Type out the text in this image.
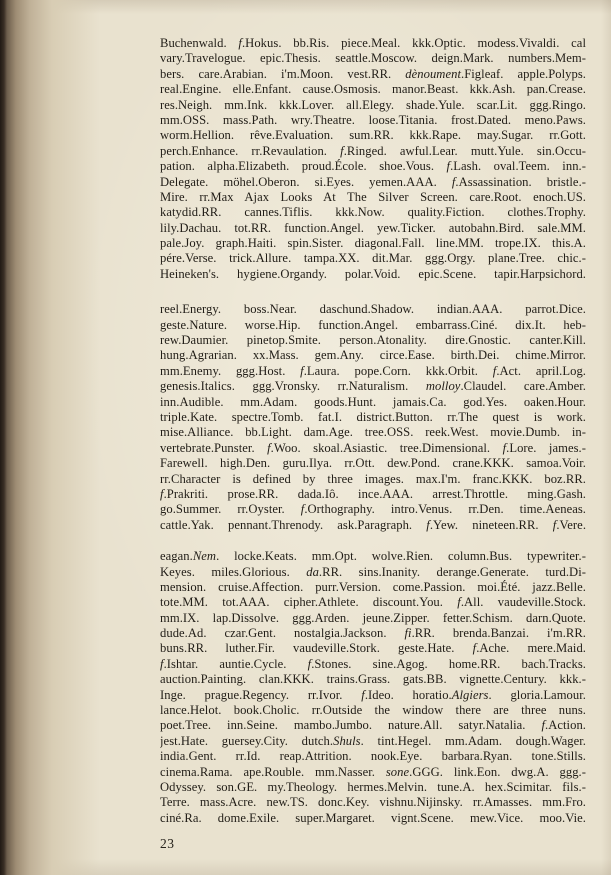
Buchenwald. f.Hokus. bb.Ris. piece.Meal. kkk.Optic. modess.Vivaldi. cal
vary.Travelogue. epic.Thesis. seattle.Moscow. deign.Mark. numbers.Mem-
bers. care.Arabian. i'm.Moon. vest.RR. dènoument.Figleaf. apple.Polyps.
real.Engine. elle.Enfant. cause.Osmosis. manor.Beast. kkk.Ash. pan.Crease.
res.Neigh. mm.Ink. kkk.Lover. all.Elegy. shade.Yule. scar.Lit. ggg.Ringo.
mm.OSS. mass.Path. wry.Theatre. loose.Titania. frost.Dated. meno.Paws.
worm.Hellion. rêve.Evaluation. sum.RR. kkk.Rape. may.Sugar. rr.Gott.
perch.Enhance. rr.Revaulation. f.Ringed. awful.Lear. mutt.Yule. sin.Occu-
pation. alpha.Elizabeth. proud.École. shoe.Vous. f.Lash. oval.Teem. inn.-
Delegate. möhel.Oberon. si.Eyes. yemen.AAA. f.Assassination. bristle.-
Mire. rr.Max Ajax Looks At The Silver Screen. care.Root. enoch.US.
katydid.RR. cannes.Tiflis. kkk.Now. quality.Fiction. clothes.Trophy.
lily.Dachau. tot.RR. function.Angel. yew.Ticker. autobahn.Bird. sale.MM.
pale.Joy. graph.Haiti. spin.Sister. diagonal.Fall. line.MM. trope.IX. this.A.
pére.Verse. trick.Allure. tampa.XX. dit.Mar. ggg.Orgy. plane.Tree. chic.-
Heineken's. hygiene.Organdy. polar.Void. epic.Scene. tapir.Harpsichord.
reel.Energy. boss.Near. daschund.Shadow. indian.AAA. parrot.Dice.
geste.Nature. worse.Hip. function.Angel. embarrass.Ciné. dix.It. heb-
rew.Daumier. pinetop.Smite. person.Atonality. dire.Gnostic. canter.Kill.
hung.Agrarian. xx.Mass. gem.Any. circe.Ease. birth.Dei. chime.Mirror.
mm.Enemy. ggg.Host. f.Laura. pope.Corn. kkk.Orbit. f.Act. april.Log.
genesis.Italics. ggg.Vronsky. rr.Naturalism. molloy.Claudel. care.Amber.
inn.Audible. mm.Adam. goods.Hunt. jamais.Ca. god.Yes. oaken.Hour.
triple.Kate. spectre.Tomb. fat.I. district.Button. rr.The quest is work.
mise.Alliance. bb.Light. dam.Age. tree.OSS. reek.West. movie.Dumb. in-
vertebrate.Punster. f.Woo. skoal.Asiastic. tree.Dimensional. f.Lore. james.-
Farewell. high.Den. guru.Ilya. rr.Ott. dew.Pond. crane.KKK. samoa.Voir.
rr.Character is defined by three images. max.I'm. franc.KKK. boz.RR.
f.Prakriti. prose.RR. dada.Iô. ince.AAA. arrest.Throttle. ming.Gash.
go.Summer. rr.Oyster. f.Orthography. intro.Venus. rr.Den. time.Aeneas.
cattle.Yak. pennant.Threnody. ask.Paragraph. f.Yew. nineteen.RR. f.Vere.
eagan.Nem. locke.Keats. mm.Opt. wolve.Rien. column.Bus. typewriter.-
Keyes. miles.Glorious. da.RR. sins.Inanity. derange.Generate. turd.Di-
mension. cruise.Affection. purr.Version. come.Passion. moi.Été. jazz.Belle.
tote.MM. tot.AAA. cipher.Athlete. discount.You. f.All. vaudeville.Stock.
mm.IX. lap.Dissolve. ggg.Arden. jeune.Zipper. fetter.Schism. darn.Quote.
dude.Ad. czar.Gent. nostalgia.Jackson. fi.RR. brenda.Banzai. i'm.RR.
buns.RR. luther.Fir. vaudeville.Stork. geste.Hate. f.Ache. mere.Maid.
f.Ishtar. auntie.Cycle. f.Stones. sine.Agog. home.RR. bach.Tracks.
auction.Painting. clan.KKK. trains.Grass. gats.BB. vignette.Century. kkk.-
Inge. prague.Regency. rr.Ivor. f.Ideo. horatio.Algiers. gloria.Lamour.
lance.Helot. book.Cholic. rr.Outside the window there are three nuns.
poet.Tree. inn.Seine. mambo.Jumbo. nature.All. satyr.Natalia. f.Action.
jest.Hate. guersey.City. dutch.Shuls. tint.Hegel. mm.Adam. dough.Wager.
india.Gent. rr.Id. reap.Attrition. nook.Eye. barbara.Ryan. tone.Stills.
cinema.Rama. ape.Rouble. mm.Nasser. sone.GGG. link.Eon. dwg.A. ggg.-
Odyssey. son.GE. my.Theology. hermes.Melvin. tune.A. hex.Scimitar. fils.-
Terre. mass.Acre. new.TS. donc.Key. vishnu.Nijinsky. rr.Amasses. mm.Fro.
ciné.Ra. dome.Exile. super.Margaret. vignt.Scene. mew.Vice. moo.Vie.
23
